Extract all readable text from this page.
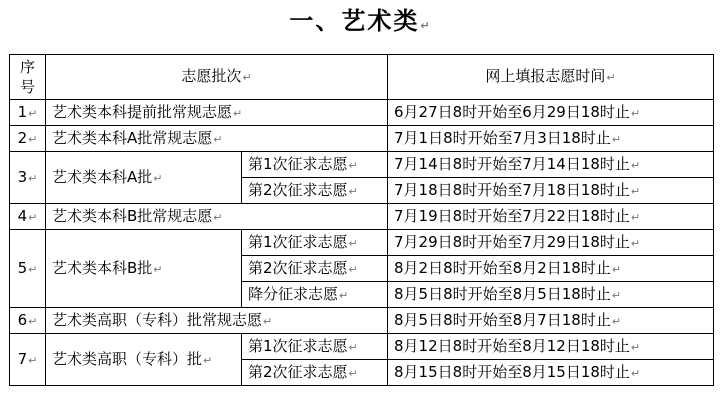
一、艺术类↵
序号	志愿批次↵		网上填报志愿时间↵
1↵	艺术类本科提前批常规志愿↵		6月27日8时开始至6月29日18时止↵
2↵	艺术类本科A批常规志愿↵		7月1日8时开始至7月3日18时止↵
3↵	艺术类本科A批↵	第1次征求志愿↵	7月14日8时开始至7月14日18时止↵
		第2次征求志愿↵	7月18日8时开始至7月18日18时止↵
4↵	艺术类本科B批常规志愿↵		7月19日8时开始至7月22日18时止↵
5↵	艺术类本科B批↵	第1次征求志愿↵	7月29日8时开始至7月29日18时止↵
		第2次征求志愿↵	8月2日8时开始至8月2日18时止↵
		降分征求志愿↵	8月5日8时开始至8月5日18时止↵
6↵	艺术类高职（专科）批常规志愿↵		8月5日8时开始至8月7日18时止↵
7↵	艺术类高职（专科）批↵	第1次征求志愿↵	8月12日8时开始至8月12日18时止↵
		第2次征求志愿↵	8月15日8时开始至8月15日18时止↵
